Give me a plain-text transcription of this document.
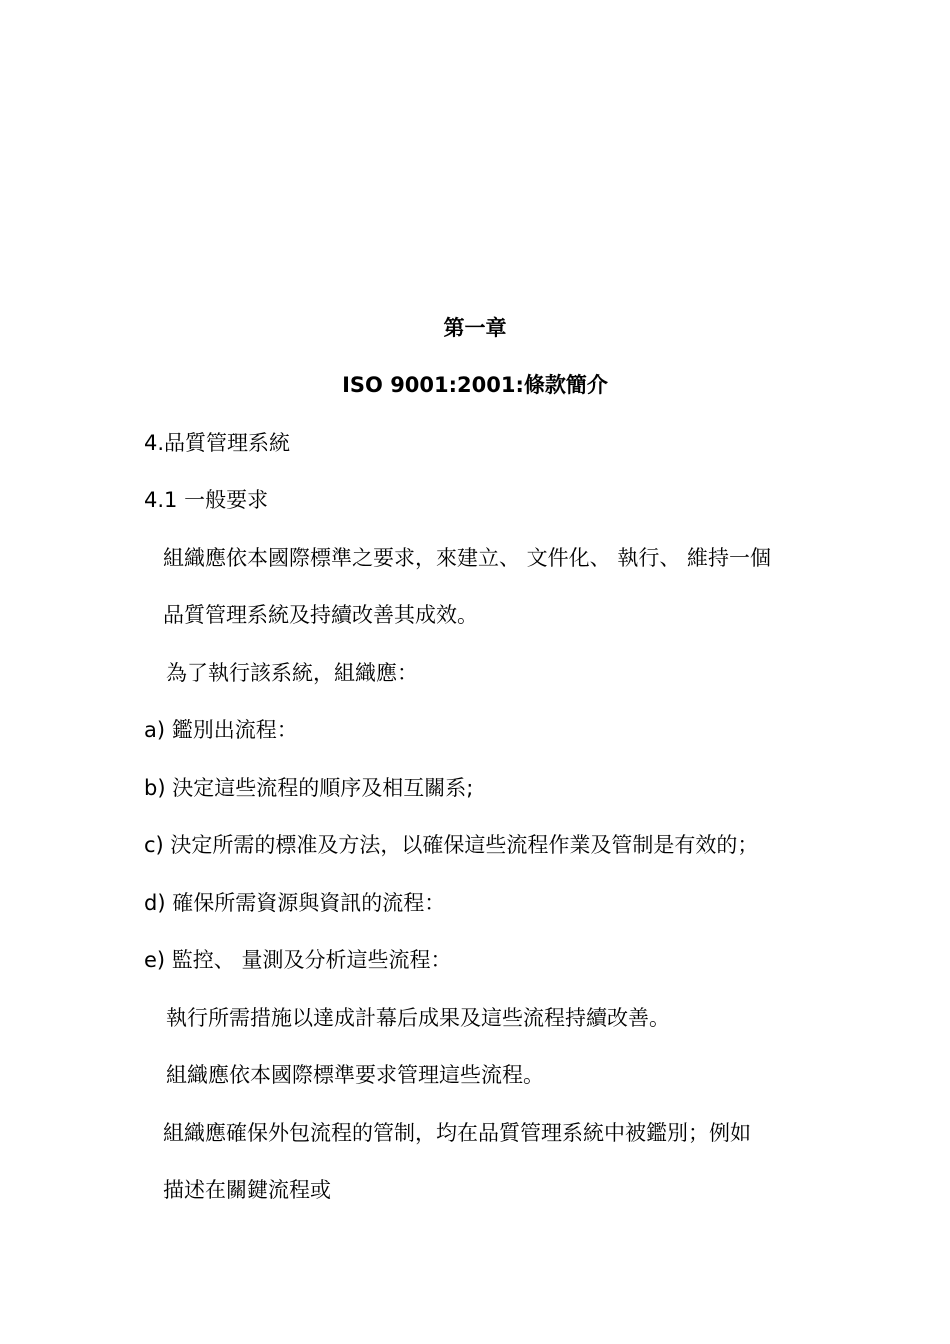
第一章
ISO 9001:2001:條款簡介
4.品質管理系統
4.1 一般要求
組織應依本國際標準之要求，來建立、 文件化、 執行、 維持一個
品質管理系統及持續改善其成效。
為了執行該系統，組織應：
a) 鑑別出流程：
b) 決定這些流程的順序及相互關系;
c) 決定所需的標准及方法，以確保這些流程作業及管制是有效的；
d) 確保所需資源與資訊的流程：
e) 監控、 量測及分析這些流程：
執行所需措施以達成計幕后成果及這些流程持續改善。
組織應依本國際標準要求管理這些流程。
組織應確保外包流程的管制，均在品質管理系統中被鑑別；例如
描述在關鍵流程或
